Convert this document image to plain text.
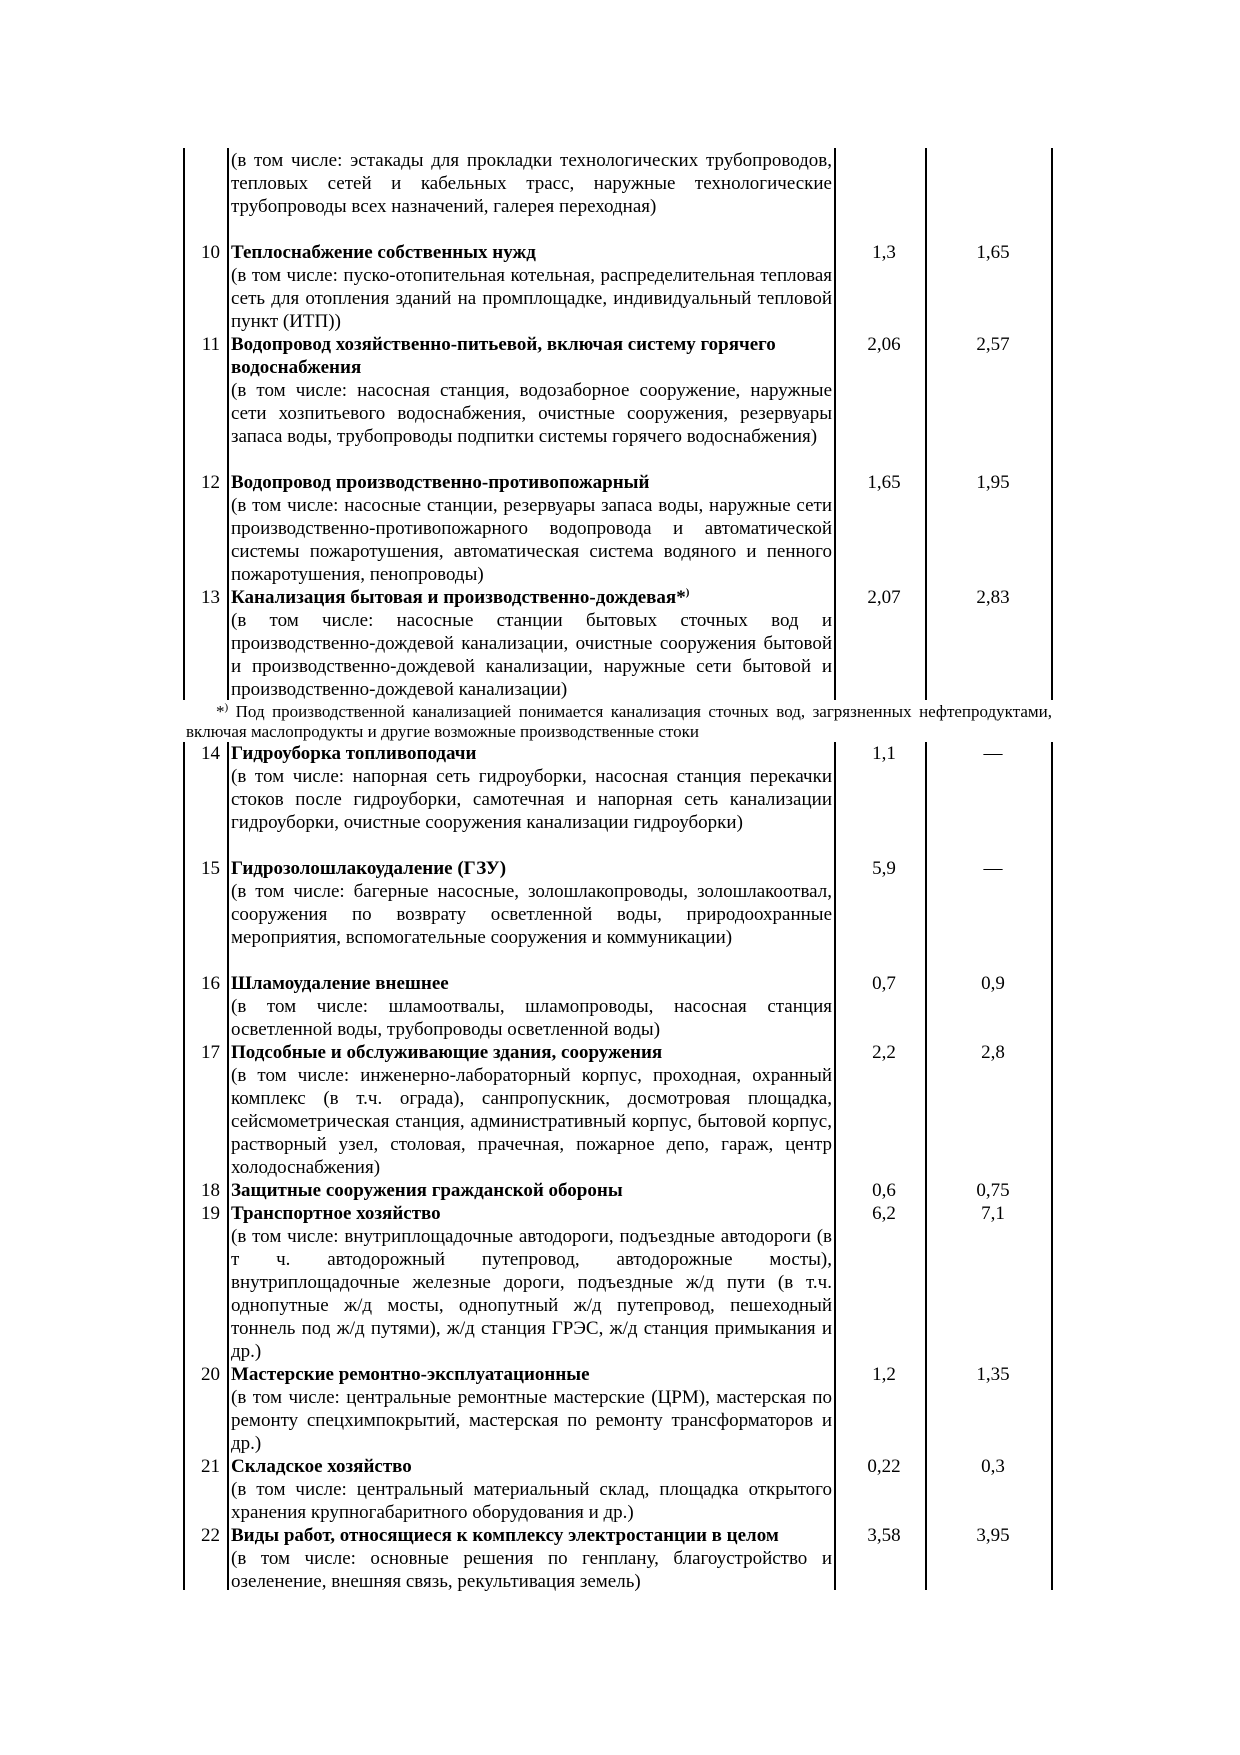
(в том числе: эстакады для прокладки технологических трубопроводов, тепловых сетей и кабельных трасс, наружные технологические трубопроводы всех назначений, галерея переходная)
10 Теплоснабжение собственных нужд
(в том числе: пуско-отопительная котельная, распределительная тепловая сеть для отопления зданий на промплощадке, индивидуальный тепловой пункт (ИТП))
1,3	1,65
11 Водопровод хозяйственно-питьевой, включая систему горячего водоснабжения
(в том числе: насосная станция, водозаборное сооружение, наружные сети хозпитьевого водоснабжения, очистные сооружения, резервуары запаса воды, трубопроводы подпитки системы горячего водоснабжения)
2,06	2,57
12 Водопровод производственно-противопожарный
(в том числе: насосные станции, резервуары запаса воды, наружные сети производственно-противопожарного водопровода и автоматической системы пожаротушения, автоматическая система водяного и пенного пожаротушения, пенопроводы)
1,65	1,95
13 Канализация бытовая и производственно-дождевая*)
(в том числе: насосные станции бытовых сточных вод и производственно-дождевой канализации, очистные сооружения бытовой и производственно-дождевой канализации, наружные сети бытовой и производственно-дождевой канализации)
2,07	2,83
*) Под производственной канализацией понимается канализация сточных вод, загрязненных нефтепродуктами, включая маслопродукты и другие возможные производственные стоки
14 Гидроуборка топливоподачи
(в том числе: напорная сеть гидроуборки, насосная станция перекачки стоков после гидроуборки, самотечная и напорная сеть канализации гидроуборки, очистные сооружения канализации гидроуборки)
1,1	—
15 Гидрозолошлакоудаление (ГЗУ)
(в том числе: багерные насосные, золошлакопроводы, золошлакоотвал, сооружения по возврату осветленной воды, природоохранные мероприятия, вспомогательные сооружения и коммуникации)
5,9	—
16 Шламоудаление внешнее
(в том числе: шламоотвалы, шламопроводы, насосная станция осветленной воды, трубопроводы осветленной воды)
0,7	0,9
17 Подсобные и обслуживающие здания, сооружения
(в том числе: инженерно-лабораторный корпус, проходная, охранный комплекс (в т.ч. ограда), санпропускник, досмотровая площадка, сейсмометрическая станция, административный корпус, бытовой корпус, растворный узел, столовая, прачечная, пожарное депо, гараж, центр холодоснабжения)
2,2	2,8
18 Защитные сооружения гражданской обороны	0,6	0,75
19 Транспортное хозяйство
(в том числе: внутриплощадочные автодороги, подъездные автодороги (в т ч. автодорожный путепровод, автодорожные мосты), внутриплощадочные железные дороги, подъездные ж/д пути (в т.ч. однопутные ж/д мосты, однопутный ж/д путепровод, пешеходный тоннель под ж/д путями), ж/д станция ГРЭС, ж/д станция примыкания и др.)
6,2	7,1
20 Мастерские ремонтно-эксплуатационные
(в том числе: центральные ремонтные мастерские (ЦРМ), мастерская по ремонту спецхимпокрытий, мастерская по ремонту трансформаторов и др.)
1,2	1,35
21 Складское хозяйство
(в том числе: центральный материальный склад, площадка открытого хранения крупногабаритного оборудования и др.)
0,22	0,3
22 Виды работ, относящиеся к комплексу электростанции в целом
(в том числе: основные решения по генплану, благоустройство и озеленение, внешняя связь, рекультивация земель)
3,58	3,95
